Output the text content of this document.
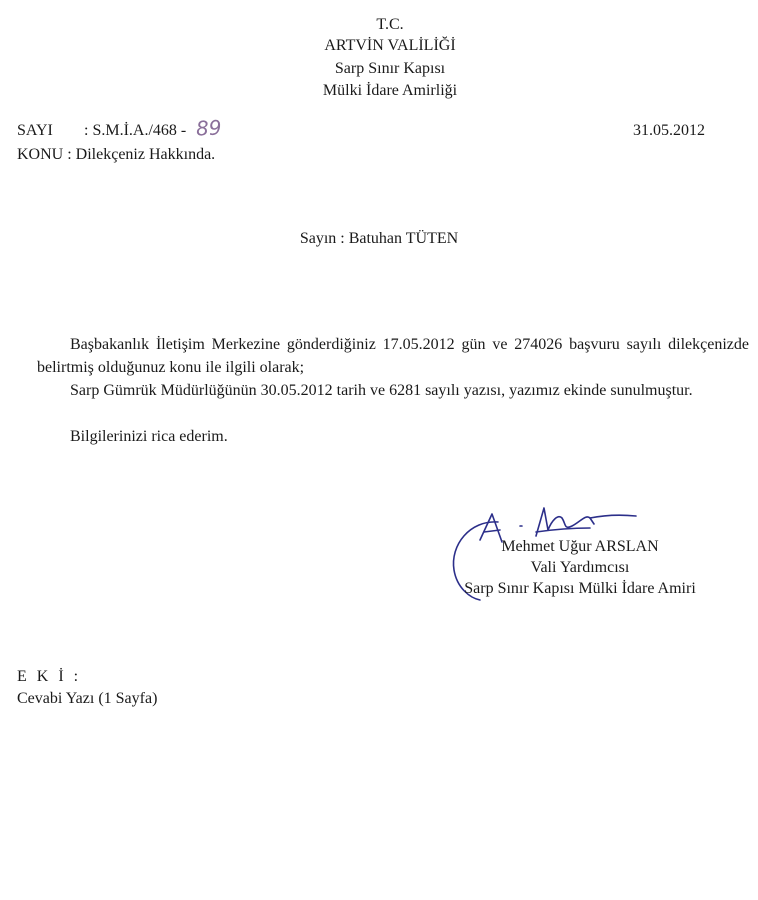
T.C.
ARTVİN VALİLİĞİ
Sarp Sınır Kapısı
Mülki İdare Amirliği
SAYI : S.M.İ.A./468 - 89	31.05.2012
KONU : Dilekçeniz Hakkında.
Sayın : Batuhan TÜTEN

Başbakanlık İletişim Merkezine gönderdiğiniz 17.05.2012 gün ve 274026 başvuru sayılı dilekçenizde belirtmiş olduğunuz konu ile ilgili olarak;

Sarp Gümrük Müdürlüğünün 30.05.2012 tarih ve 6281 sayılı yazısı, yazımız ekinde sunulmuştur.

Bilgilerinizi rica ederim.

Mehmet Uğur ARSLAN
Vali Yardımcısı
Sarp Sınır Kapısı Mülki İdare Amiri
E K İ :
Cevabi Yazı (1 Sayfa)
